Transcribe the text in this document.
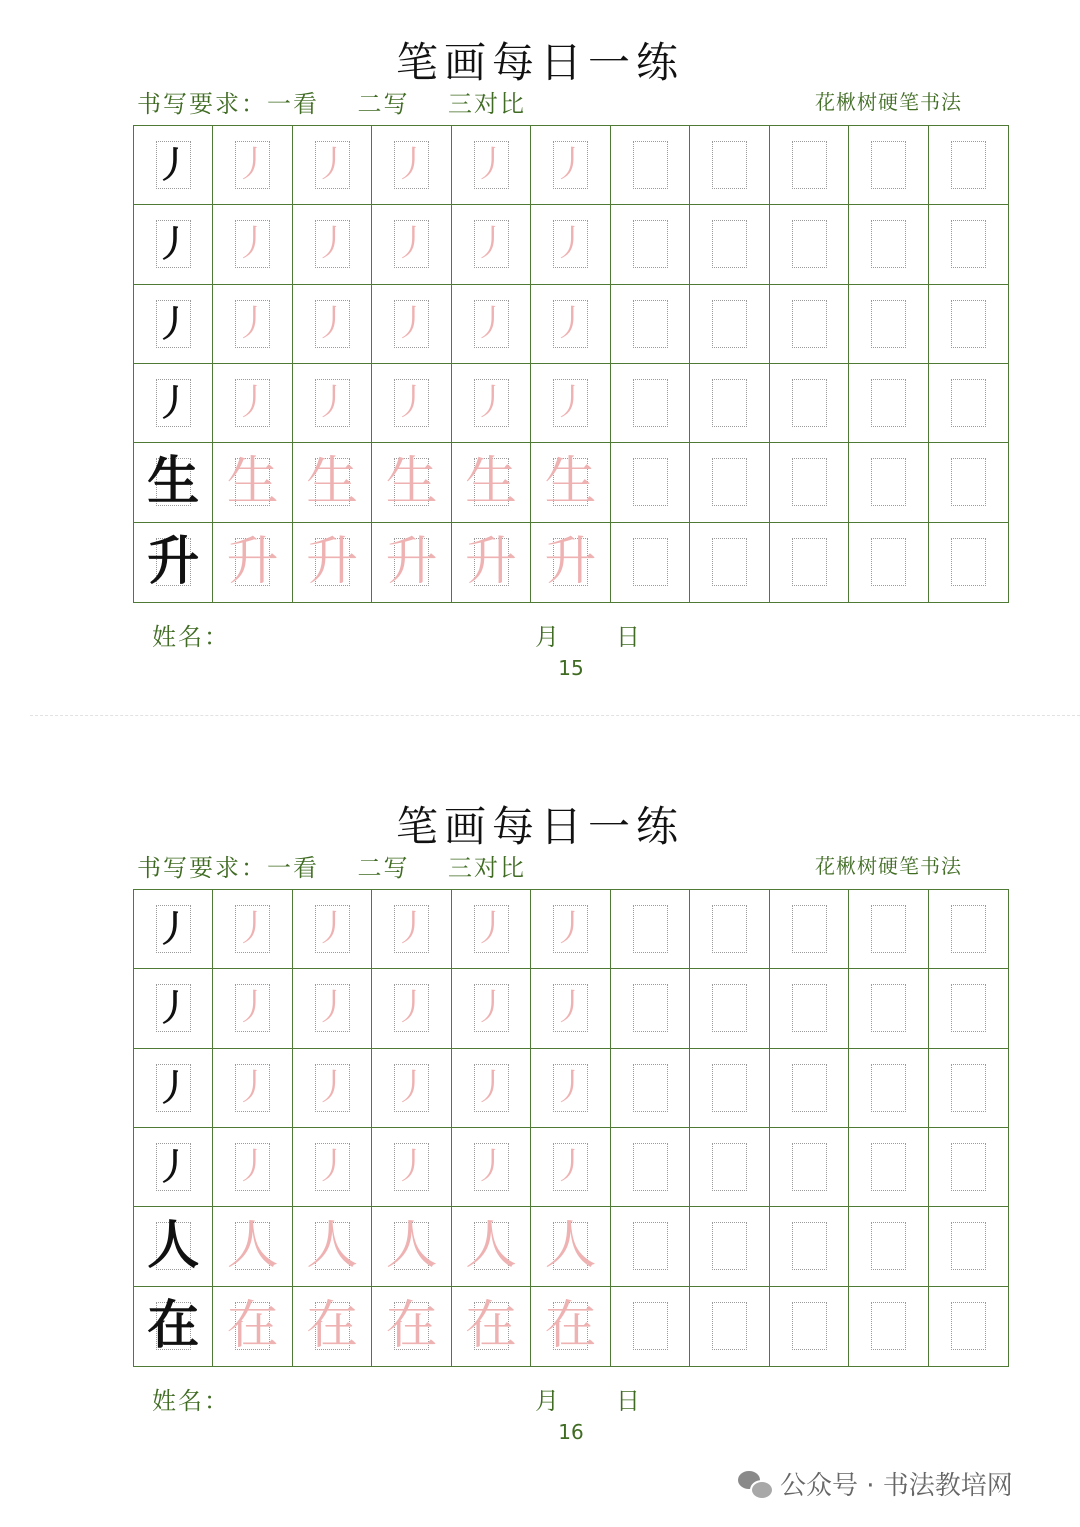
笔画每日一练
书写要求：一看    二写    三对比	花楸树硬笔书法
丿	丿	丿	丿	丿	丿
丿	丿	丿	丿	丿	丿
丿	丿	丿	丿	丿	丿
丿	丿	丿	丿	丿	丿
生 生 生 生 生 生
升 升 升 升 升 升
姓名：	月 日
15
笔画每日一练
书写要求：一看    二写    三对比	花楸树硬笔书法
丿	丿	丿	丿	丿	丿
丿	丿	丿	丿	丿	丿
丿	丿	丿	丿	丿	丿
丿	丿	丿	丿	丿	丿
人 人 人 人 人 人
在 在 在 在 在 在
姓名：	月 日
16
公众号 · 书法教培网
